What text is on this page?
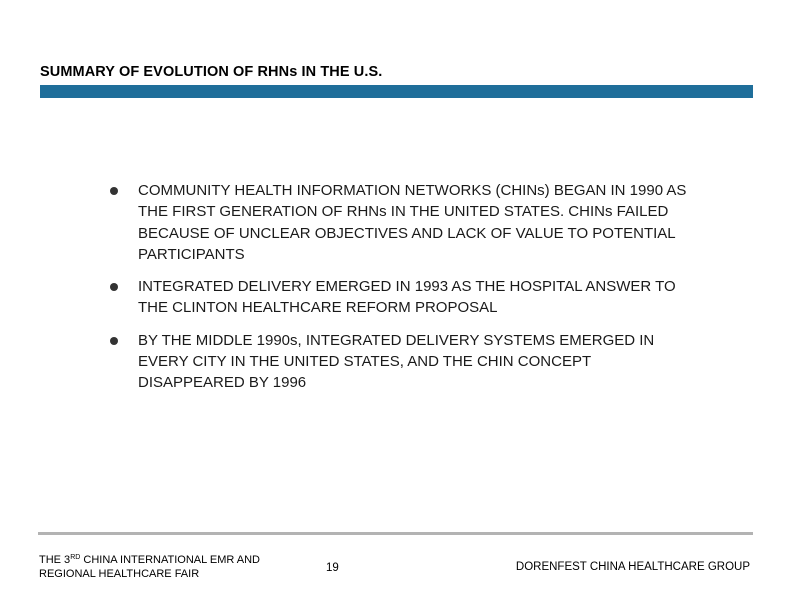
SUMMARY OF EVOLUTION OF RHNs IN THE U.S.
COMMUNITY HEALTH INFORMATION NETWORKS (CHINs) BEGAN IN 1990 AS THE FIRST GENERATION OF RHNs IN THE UNITED STATES. CHINs FAILED BECAUSE OF UNCLEAR OBJECTIVES AND LACK OF VALUE TO POTENTIAL PARTICIPANTS
INTEGRATED DELIVERY EMERGED IN 1993 AS THE HOSPITAL ANSWER TO THE CLINTON HEALTHCARE REFORM PROPOSAL
BY THE MIDDLE 1990s, INTEGRATED DELIVERY SYSTEMS EMERGED IN EVERY CITY IN THE UNITED STATES, AND THE CHIN CONCEPT DISAPPEARED BY 1996
THE 3RD CHINA INTERNATIONAL EMR AND
REGIONAL HEALTHCARE FAIR	19	DORENFEST CHINA HEALTHCARE GROUP
